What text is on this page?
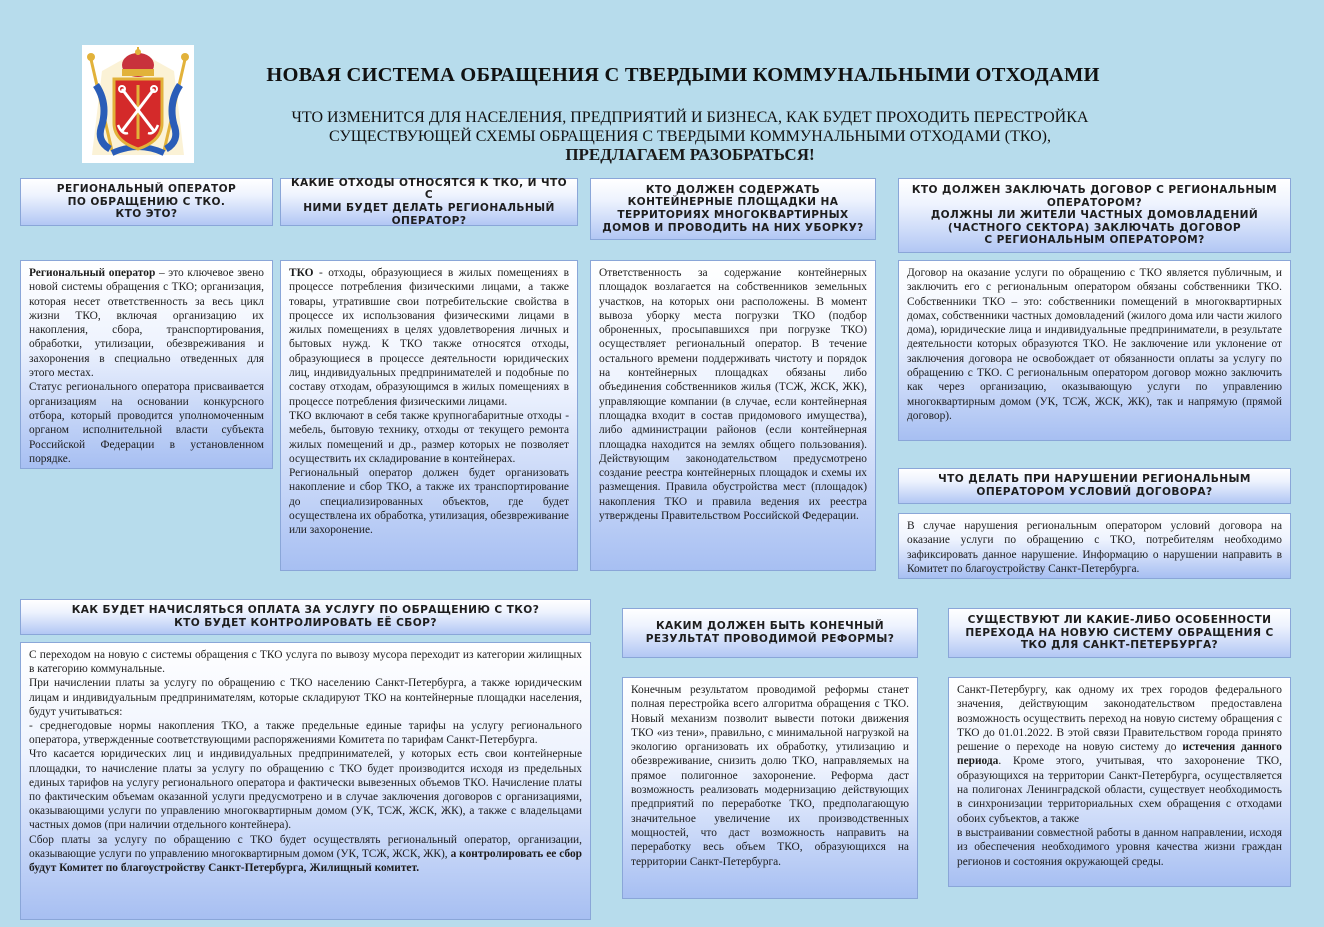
НОВАЯ СИСТЕМА ОБРАЩЕНИЯ С ТВЕРДЫМИ КОММУНАЛЬНЫМИ ОТХОДАМИ
ЧТО ИЗМЕНИТСЯ ДЛЯ НАСЕЛЕНИЯ, ПРЕДПРИЯТИЙ И БИЗНЕСА, КАК БУДЕТ ПРОХОДИТЬ ПЕРЕСТРОЙКА
СУЩЕСТВУЮЩЕЙ СХЕМЫ ОБРАЩЕНИЯ С ТВЕРДЫМИ КОММУНАЛЬНЫМИ ОТХОДАМИ (ТКО),
ПРЕДЛАГАЕМ РАЗОБРАТЬСЯ!
РЕГИОНАЛЬНЫЙ ОПЕРАТОР
ПО ОБРАЩЕНИЮ С ТКО.
КТО ЭТО?

Региональный оператор – это ключевое звено новой системы обращения с ТКО; организация, которая несет ответственность за весь цикл жизни ТКО, включая организацию их накопления, сбора, транспортирования, обработки, утилизации, обезвреживания и захоронения в специально отведенных для этого местах.

Статус регионального оператора присваивается организациям на основании конкурсного отбора, который проводится уполномоченным органом исполнительной власти субъекта Российской Федерации в установленном порядке.

КАКИЕ ОТХОДЫ ОТНОСЯТСЯ К ТКО, И ЧТО С
НИМИ БУДЕТ ДЕЛАТЬ РЕГИОНАЛЬНЫЙ
ОПЕРАТОР?

ТКО - отходы, образующиеся в жилых помещениях в процессе потребления физическими лицами, а также товары, утратившие свои потребительские свойства в процессе их использования физическими лицами в жилых помещениях в целях удовлетворения личных и бытовых нужд. К ТКО также относятся отходы, образующиеся в процессе деятельности юридических лиц, индивидуальных предпринимателей и подобные по составу отходам, образующимся в жилых помещениях в процессе потребления физическими лицами.

ТКО включают в себя также крупногабаритные отходы - мебель, бытовую технику, отходы от текущего ремонта жилых помещений и др., размер которых не позволяет осуществить их складирование в контейнерах.

Региональный оператор должен будет организовать накопление и сбор ТКО, а также их транспортирование до специализированных объектов, где будет осуществлена их обработка, утилизация, обезвреживание или захоронение.

КТО ДОЛЖЕН СОДЕРЖАТЬ
КОНТЕЙНЕРНЫЕ ПЛОЩАДКИ НА
ТЕРРИТОРИЯХ МНОГОКВАРТИРНЫХ
ДОМОВ И ПРОВОДИТЬ НА НИХ УБОРКУ?

Ответственность за содержание контейнерных площадок возлагается на собственников земельных участков, на которых они расположены. В момент вывоза уборку места погрузки ТКО (подбор оброненных, просыпавшихся при погрузке ТКО) осуществляет региональный оператор. В течение остального времени поддерживать чистоту и порядок на контейнерных площадках обязаны либо объединения собственников жилья (ТСЖ, ЖСК, ЖК), управляющие компании (в случае, если контейнерная площадка входит в состав придомового имущества), либо администрации районов (если контейнерная площадка находится на землях общего пользования). Действующим законодательством предусмотрено создание реестра контейнерных площадок и схемы их размещения. Правила обустройства мест (площадок) накопления ТКО и правила ведения их реестра утверждены Правительством Российской Федерации.

КТО ДОЛЖЕН ЗАКЛЮЧАТЬ ДОГОВОР С РЕГИОНАЛЬНЫМ
ОПЕРАТОРОМ?
ДОЛЖНЫ ЛИ ЖИТЕЛИ ЧАСТНЫХ ДОМОВЛАДЕНИЙ
(ЧАСТНОГО СЕКТОРА) ЗАКЛЮЧАТЬ ДОГОВОР
С РЕГИОНАЛЬНЫМ ОПЕРАТОРОМ?

Договор на оказание услуги по обращению с ТКО является публичным, и заключить его с региональным оператором обязаны собственники ТКО. Собственники ТКО – это: собственники помещений в многоквартирных домах, собственники частных домовладений (жилого дома или части жилого дома), юридические лица и индивидуальные предприниматели, в результате деятельности которых образуются ТКО. Не заключение или уклонение от заключения договора не освобождает от обязанности оплаты за услугу по обращению с ТКО. С региональным оператором договор можно заключить как через организацию, оказывающую услуги по управлению многоквартирным домом (УК, ТСЖ, ЖСК, ЖК), так и напрямую (прямой договор).

ЧТО ДЕЛАТЬ ПРИ НАРУШЕНИИ РЕГИОНАЛЬНЫМ
ОПЕРАТОРОМ УСЛОВИЙ ДОГОВОРА?

В случае нарушения региональным оператором условий договора на оказание услуги по обращению с ТКО, потребителям необходимо зафиксировать данное нарушение. Информацию о нарушении направить в Комитет по благоустройству Санкт-Петербурга.

КАК БУДЕТ НАЧИСЛЯТЬСЯ ОПЛАТА ЗА УСЛУГУ ПО ОБРАЩЕНИЮ С ТКО?
КТО БУДЕТ КОНТРОЛИРОВАТЬ ЕЁ СБОР?

С переходом на новую с системы обращения с ТКО услуга по вывозу мусора переходит из категории жилищных в категорию коммунальные.

При начислении платы за услугу по обращению с ТКО населению Санкт-Петербурга, а также юридическим лицам и индивидуальным предпринимателям, которые складируют ТКО на контейнерные площадки населения, будут учитываться:

- среднегодовые нормы накопления ТКО, а также предельные единые тарифы на услугу регионального оператора, утвержденные соответствующими распоряжениями Комитета по тарифам Санкт-Петербурга.

Что касается юридических лиц и индивидуальных предпринимателей, у которых есть свои контейнерные площадки, то начисление платы за услугу по обращению с ТКО будет производится исходя из предельных единых тарифов на услугу регионального оператора и фактически вывезенных объемов ТКО. Начисление платы по фактическим объемам оказанной услуги предусмотрено и в случае заключения договоров с организациями, оказывающими услуги по управлению многоквартирным домом (УК, ТСЖ, ЖСК, ЖК), а также с владельцами частных домов (при наличии отдельного контейнера).

Сбор платы за услугу по обращению с ТКО будет осуществлять региональный оператор, организации, оказывающие услуги по управлению многоквартирным домом (УК, ТСЖ, ЖСК, ЖК), а контролировать ее сбор будут Комитет по благоустройству Санкт-Петербурга, Жилищный комитет.

КАКИМ ДОЛЖЕН БЫТЬ КОНЕЧНЫЙ
РЕЗУЛЬТАТ ПРОВОДИМОЙ РЕФОРМЫ?

Конечным результатом проводимой реформы станет полная перестройка всего алгоритма обращения с ТКО. Новый механизм позволит вывести потоки движения ТКО «из тени», правильно, с минимальной нагрузкой на экологию организовать их обработку, утилизацию и обезвреживание, снизить долю ТКО, направляемых на прямое полигонное захоронение. Реформа даст возможность реализовать модернизацию действующих предприятий по переработке ТКО, предполагающую значительное увеличение их производственных мощностей, что даст возможность направить на переработку весь объем ТКО, образующихся на территории Санкт-Петербурга.

СУЩЕСТВУЮТ ЛИ КАКИЕ-ЛИБО ОСОБЕННОСТИ
ПЕРЕХОДА НА НОВУЮ СИСТЕМУ ОБРАЩЕНИЯ С
ТКО ДЛЯ САНКТ-ПЕТЕРБУРГА?

Санкт-Петербургу, как одному их трех городов федерального значения, действующим законодательством предоставлена возможность осуществить переход на новую систему обращения с ТКО до 01.01.2022. В этой связи Правительством города принято решение о переходе на новую систему до истечения данного периода. Кроме этого, учитывая, что захоронение ТКО, образующихся на территории Санкт-Петербурга, осуществляется на полигонах Ленинградской области, существует необходимость в синхронизации территориальных схем обращения с отходами обоих субъектов, а также

в выстраивании совместной работы в данном направлении, исходя из обеспечения необходимого уровня качества жизни граждан регионов и состояния окружающей среды.
